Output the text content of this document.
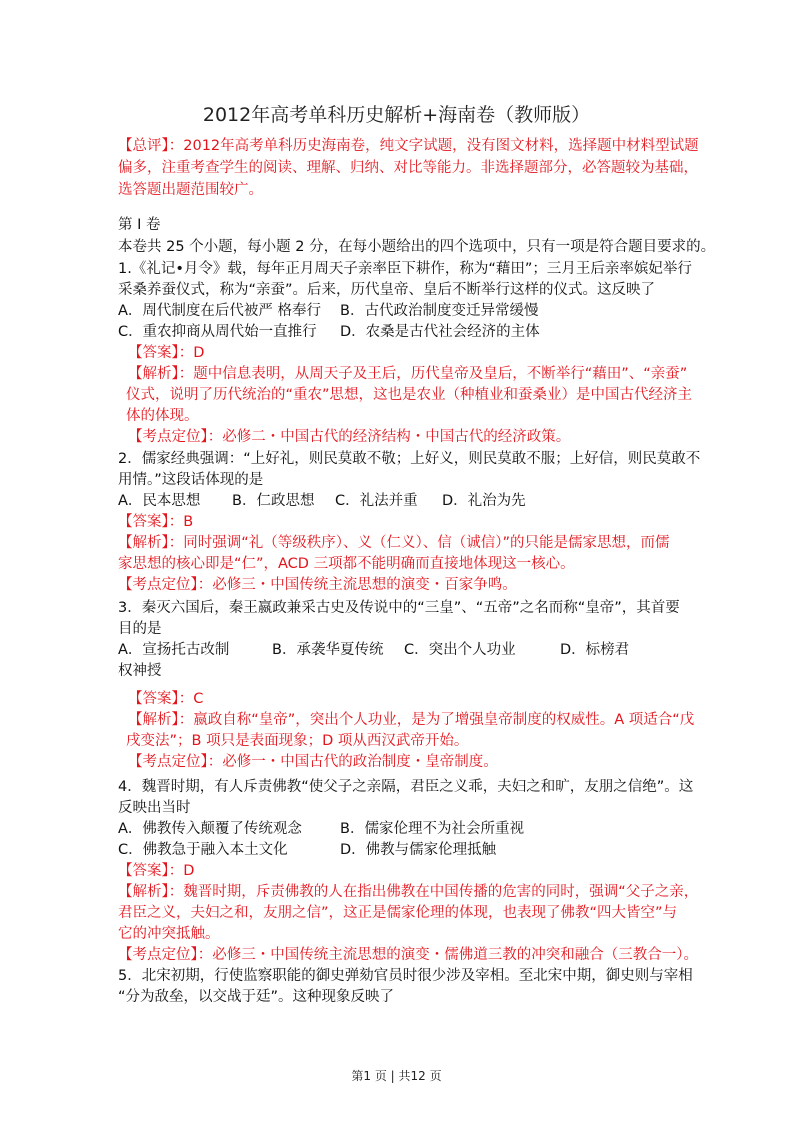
2012年高考单科历史解析+海南卷（教师版）
【总评】：2012年高考单科历史海南卷，纯文字试题，没有图文材料，选择题中材料型试题
偏多，注重考查学生的阅读、理解、归纳、对比等能力。非选择题部分，必答题较为基础，
选答题出题范围较广。
第 I 卷
本卷共 25 个小题，每小题 2 分，在每小题给出的四个选项中，只有一项是符合题目要求的。
1.《礼记•月令》载，每年正月周天子亲率臣下耕作，称为“藉田”；三月王后亲率嫔妃举行
采桑养蚕仪式，称为“亲蚕”。后来，历代皇帝、皇后不断举行这样的仪式。这反映了
A．周代制度在后代被严 格奉行 B．古代政治制度变迁异常缓慢
C．重农抑商从周代始一直推行 D．农桑是古代社会经济的主体
【答案】：D
【解析】：题中信息表明，从周天子及王后，历代皇帝及皇后，不断举行“藉田”、“亲蚕”
仪式，说明了历代统治的“重农”思想，这也是农业（种植业和蚕桑业）是中国古代经济主
体的体现。
【考点定位】：必修二・中国古代的经济结构・中国古代的经济政策。
2．儒家经典强调：“上好礼，则民莫敢不敬；上好义，则民莫敢不服；上好信，则民莫敢不
用情。”这段话体现的是
A．民本思想 B．仁政思想 C．礼法并重 D．礼治为先
【答案】：B
【解析】：同时强调“礼（等级秩序）、义（仁义）、信（诚信）”的只能是儒家思想，而儒
家思想的核心即是“仁”，ACD 三项都不能明确而直接地体现这一核心。
【考点定位】：必修三・中国传统主流思想的演变・百家争鸣。
3．秦灭六国后，秦王嬴政兼采古史及传说中的“三皇”、“五帝”之名而称“皇帝”，其首要
目的是
A．宣扬托古改制	B．承袭华夏传统 C．突出个人功业	D．标榜君
权神授
【答案】：C
【解析】：嬴政自称“皇帝”，突出个人功业，是为了增强皇帝制度的权威性。A 项适合“戊
戌变法”；B 项只是表面现象；D 项从西汉武帝开始。
【考点定位】：必修一・中国古代的政治制度・皇帝制度。
4．魏晋时期，有人斥责佛教“使父子之亲隔，君臣之义乖，夫妇之和旷，友朋之信绝”。这
反映出当时
A．佛教传入颠覆了传统观念	B．儒家伦理不为社会所重视
C．佛教急于融入本土文化	D．佛教与儒家伦理抵触
【答案】：D
【解析】：魏晋时期，斥责佛教的人在指出佛教在中国传播的危害的同时，强调“父子之亲，
君臣之义，夫妇之和，友朋之信”，这正是儒家伦理的体现，也表现了佛教“四大皆空”与
它的冲突抵触。
【考点定位】：必修三・中国传统主流思想的演变・儒佛道三教的冲突和融合（三教合一）。
5．北宋初期，行使监察职能的御史弹劾官员时很少涉及宰相。至北宋中期，御史则与宰相
“分为敌垒，以交战于廷”。这种现象反映了
第1 页 | 共12 页
